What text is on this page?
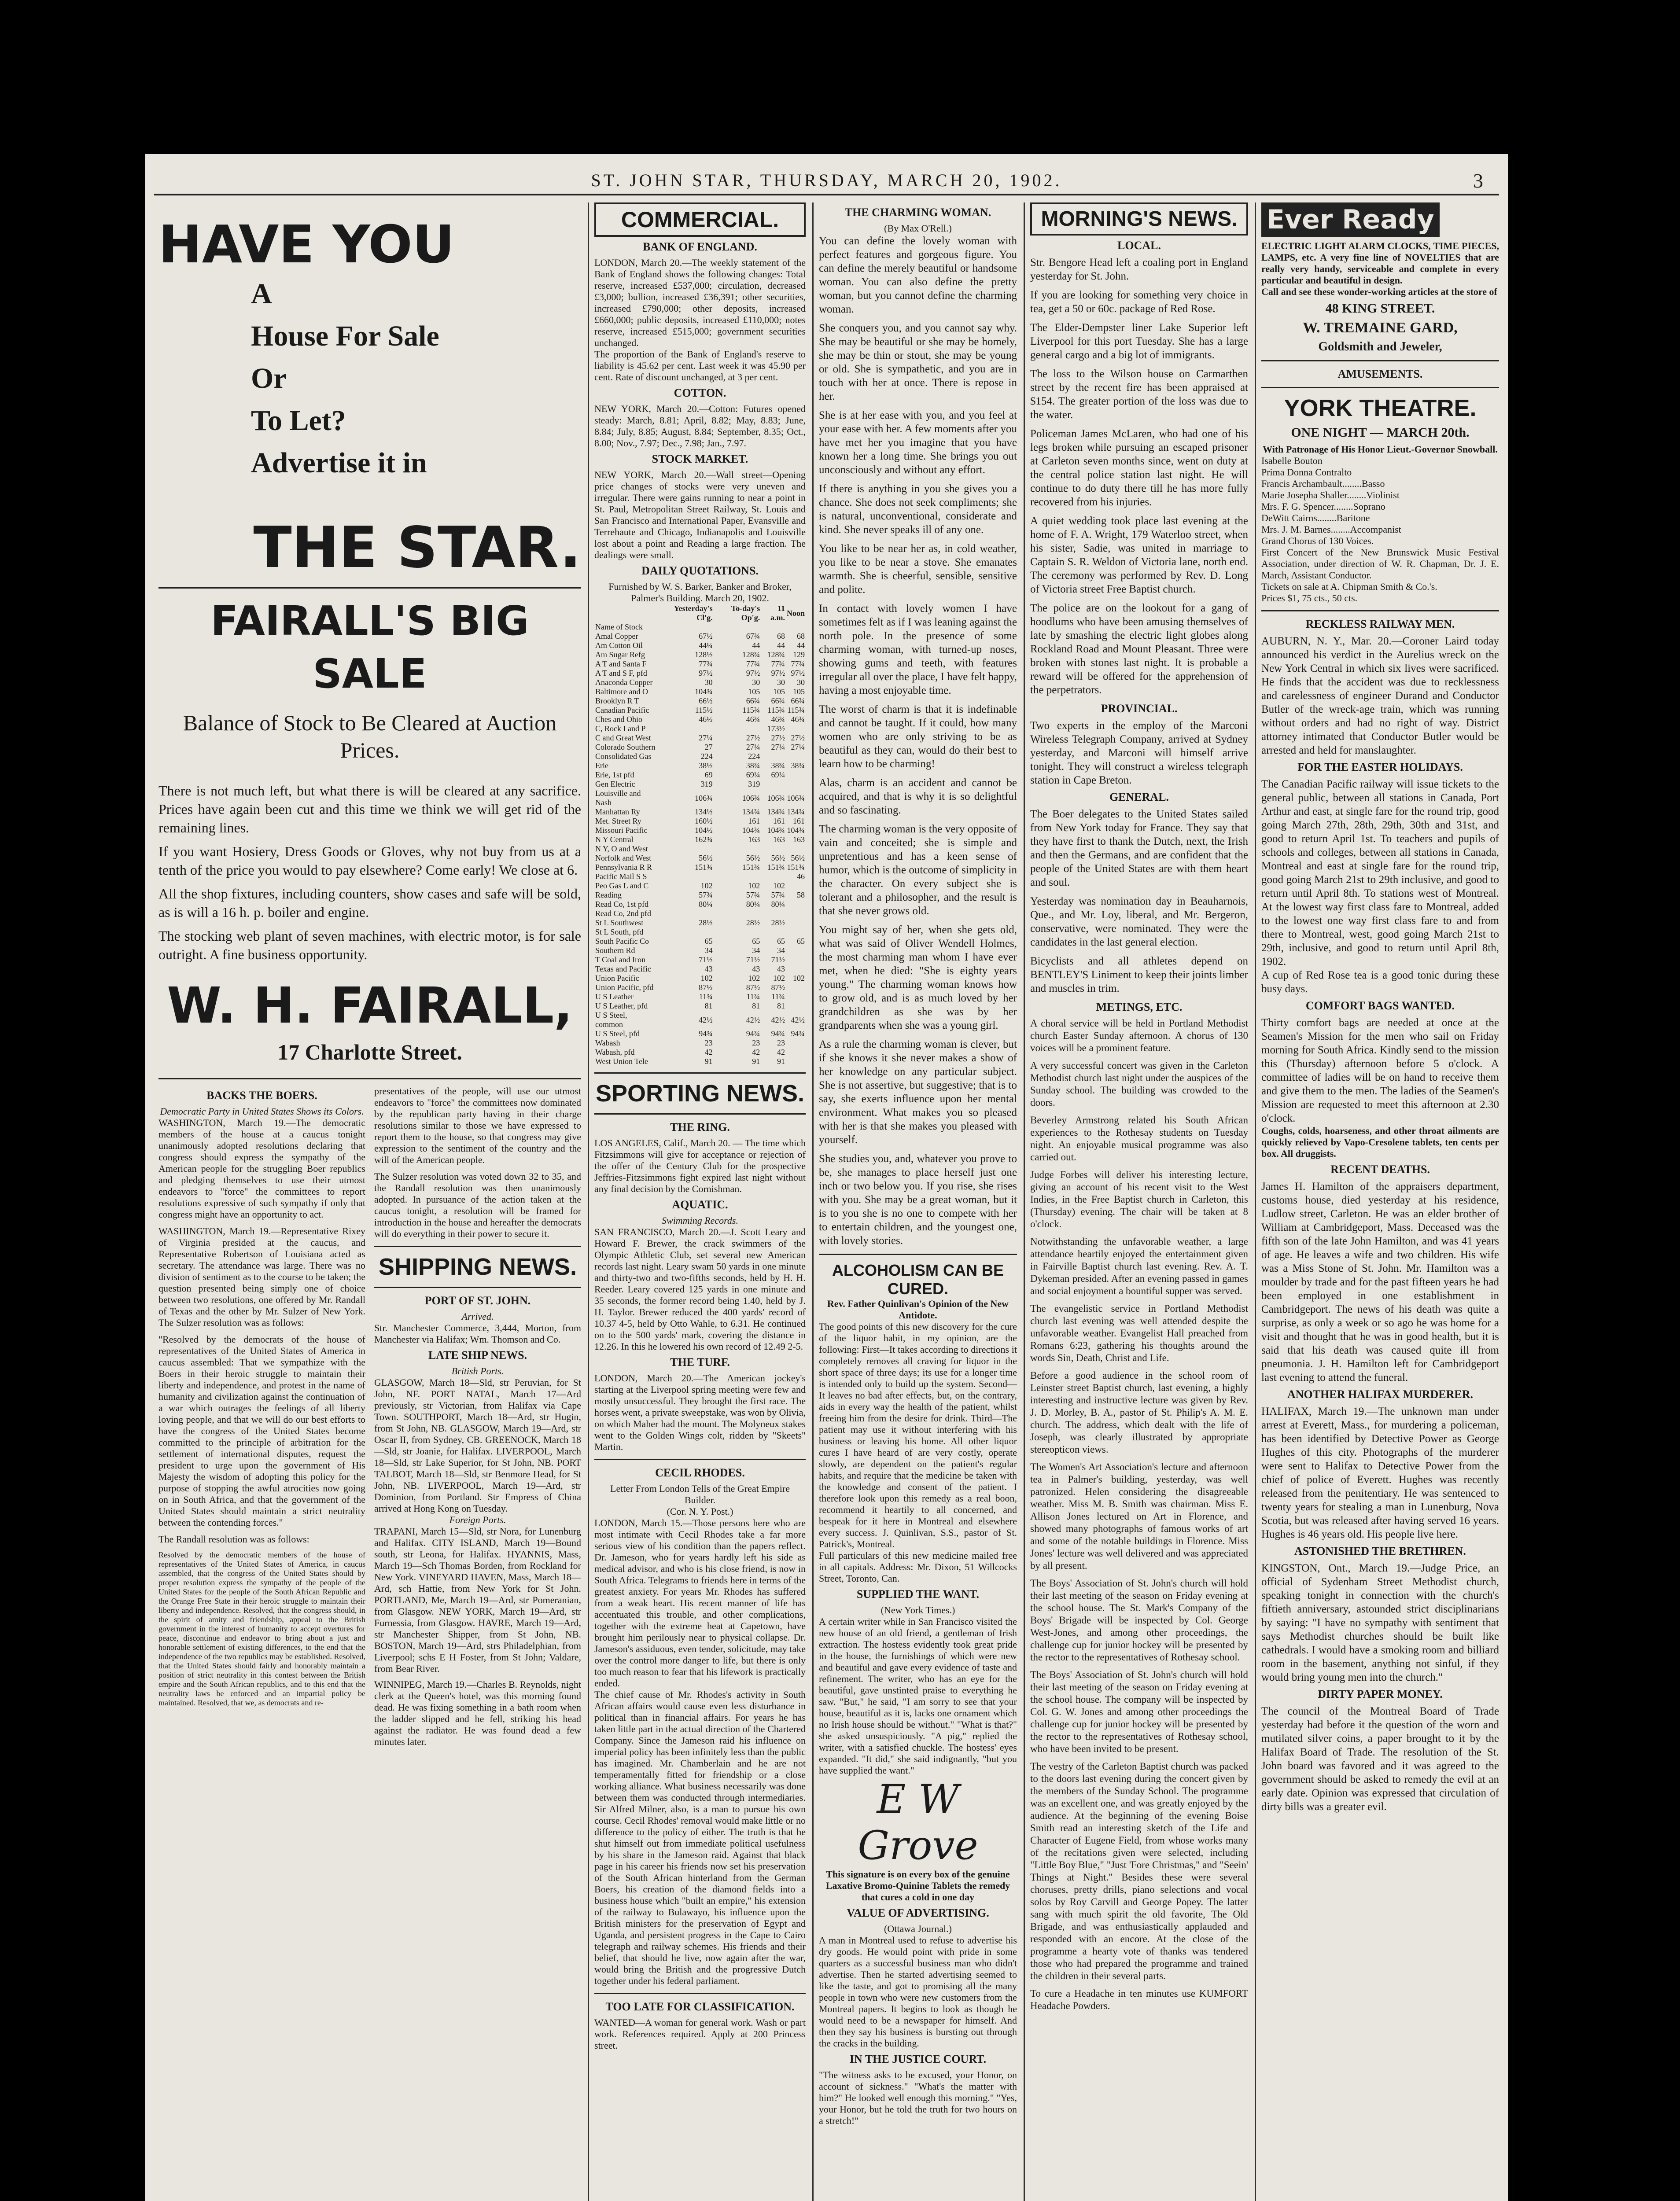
ST. JOHN STAR, THURSDAY, MARCH 20, 1902.	3
HAVE YOU
A
House For Sale
Or
To Let?
Advertise it in
THE STAR.
FAIRALL'S BIG SALE
Balance of Stock to Be Cleared at Auction Prices.

There is not much left, but what there is will be cleared at any sacrifice. Prices have again been cut and this time we think we will get rid of the remaining lines.

If you want Hosiery, Dress Goods or Gloves, why not buy from us at a tenth of the price you would to pay elsewhere? Come early! We close at 6.

All the shop fixtures, including counters, show cases and safe will be sold, as is will a 16 h. p. boiler and engine.

The stocking web plant of seven machines, with electric motor, is for sale outright. A fine business opportunity.

W. H. FAIRALL,
17 Charlotte Street.
BACKS THE BOERS.
Democratic Party in United States Shows its Colors.

WASHINGTON, March 19.—The democratic members of the house at a caucus tonight unanimously adopted resolutions declaring that congress should express the sympathy of the American people for the struggling Boer republics and pledging themselves to use their utmost endeavors to "force" the committees to report resolutions expressive of such sympathy if only that congress might have an opportunity to act.

WASHINGTON, March 19.—Representative Rixey of Virginia presided at the caucus, and Representative Robertson of Louisiana acted as secretary. The attendance was large. There was no division of sentiment as to the course to be taken; the question presented being simply one of choice between two resolutions, one offered by Mr. Randall of Texas and the other by Mr. Sulzer of New York. The Sulzer resolution was as follows:

"Resolved by the democrats of the house of representatives of the United States of America in caucus assembled: That we sympathize with the Boers in their heroic struggle to maintain their liberty and independence, and protest in the name of humanity and civilization against the continuation of a war which outrages the feelings of all liberty loving people, and that we will do our best efforts to have the congress of the United States become committed to the principle of arbitration for the settlement of international disputes, request the president to urge upon the government of His Majesty the wisdom of adopting this policy for the purpose of stopping the awful atrocities now going on in South Africa, and that the government of the United States should maintain a strict neutrality between the contending forces."

The Randall resolution was as follows:

Resolved by the democratic members of the house of representatives of the United States of America, in caucus assembled, that the congress of the United States should by proper resolution express the sympathy of the people of the United States for the people of the South African Republic and the Orange Free State in their heroic struggle to maintain their liberty and independence. Resolved, that the congress should, in the spirit of amity and friendship, appeal to the British government in the interest of humanity to accept overtures for peace, discontinue and endeavor to bring about a just and honorable settlement of existing differences, to the end that the independence of the two republics may be established. Resolved, that the United States should fairly and honorably maintain a position of strict neutrality in this contest between the British empire and the South African republics, and to this end that the neutrality laws be enforced and an impartial policy be maintained. Resolved, that we, as democrats and re-

presentatives of the people, will use our utmost endeavors to "force" the committees now dominated by the republican party having in their charge resolutions similar to those we have expressed to report them to the house, so that congress may give expression to the sentiment of the country and the will of the American people.

The Sulzer resolution was voted down 32 to 35, and the Randall resolution was then unanimously adopted. In pursuance of the action taken at the caucus tonight, a resolution will be framed for introduction in the house and hereafter the democrats will do everything in their power to secure it.

SHIPPING NEWS.
PORT OF ST. JOHN.
Arrived.
Str. Manchester Commerce, 3,444, Morton, from Manchester via Halifax; Wm. Thomson and Co.
LATE SHIP NEWS.
British Ports.
GLASGOW, March 18—Sld, str Peruvian, for St John, NF. PORT NATAL, March 17—Ard previously, str Victorian, from Halifax via Cape Town. SOUTHPORT, March 18—Ard, str Hugin, from St John, NB. GLASGOW, March 19—Ard, str Oscar II, from Sydney, CB. GREENOCK, March 18—Sld, str Joanie, for Halifax. LIVERPOOL, March 18—Sld, str Lake Superior, for St John, NB. PORT TALBOT, March 18—Sld, str Benmore Head, for St John, NB. LIVERPOOL, March 19—Ard, str Dominion, from Portland. Str Empress of China arrived at Hong Kong on Tuesday.
Foreign Ports.
TRAPANI, March 15—Sld, str Nora, for Lunenburg and Halifax. CITY ISLAND, March 19—Bound south, str Leona, for Halifax. HYANNIS, Mass, March 19—Sch Thomas Borden, from Rockland for New York. VINEYARD HAVEN, Mass, March 18—Ard, sch Hattie, from New York for St John. PORTLAND, Me, March 19—Ard, str Pomeranian, from Glasgow. NEW YORK, March 19—Ard, str Furnessia, from Glasgow. HAVRE, March 19—Ard, str Manchester Shipper, from St John, NB. BOSTON, March 19—Ard, strs Philadelphian, from Liverpool; schs E H Foster, from St John; Valdare, from Bear River.
WINNIPEG, March 19.—Charles B. Reynolds, night clerk at the Queen's hotel, was this morning found dead. He was fixing something in a bath room when the ladder slipped and he fell, striking his head against the radiator. He was found dead a few minutes later.
COMMERCIAL.
BANK OF ENGLAND.
LONDON, March 20.—The weekly statement of the Bank of England shows the following changes: Total reserve, increased £537,000; circulation, decreased £3,000; bullion, increased £36,391; other securities, increased £790,000; other deposits, increased £660,000; public deposits, increased £110,000; notes reserve, increased £515,000; government securities unchanged.
The proportion of the Bank of England's reserve to liability is 45.62 per cent. Last week it was 45.90 per cent. Rate of discount unchanged, at 3 per cent.
COTTON.
NEW YORK, March 20.—Cotton: Futures opened steady: March, 8.81; April, 8.82; May, 8.83; June, 8.84; July, 8.85; August, 8.84; September, 8.35; Oct., 8.00; Nov., 7.97; Dec., 7.98; Jan., 7.97.
STOCK MARKET.
NEW YORK, March 20.—Wall street—Opening price changes of stocks were very uneven and irregular. There were gains running to near a point in St. Paul, Metropolitan Street Railway, St. Louis and San Francisco and International Paper, Evansville and Terrehaute and Chicago, Indianapolis and Louisville lost about a point and Reading a large fraction. The dealings were small.
DAILY QUOTATIONS.
Furnished by W. S. Barker, Banker and Broker, Palmer's Building. March 20, 1902.
	Yesterday's Cl'g.	To-day's Op'g.	11 a.m.	Noon
Name of Stock				
Amal Copper	67½	67¾	68	68
Am Cotton Oil	44¼	44	44	44
Am Sugar Refg	128½	128¾	128¾	129
A T and Santa F	77¾	77¾	77¾	77¾
A T and S F, pfd	97½	97½	97½	97½
Anaconda Copper	30	30	30	30
Baltimore and O	104¾	105	105	105
Brooklyn R T	66½	66¾	66¾	66¾
Canadian Pacific	115½	115¾	115¾	115¾
Ches and Ohio	46½	46¾	46¾	46¾
C, Rock I and P			173½	
C and Great West	27¼	27½	27½	27½
Colorado Southern	27	27¼	27¼	27¼
Consolidated Gas	224	224		
Erie	38½	38¾	38¾	38¾
Erie, 1st pfd	69	69¼	69¼	
Gen Electric	319	319		
Louisville and Nash	106¾	106¾	106¾	106¾
Manhattan Ry	134½	134¾	134¾	134¾
Met. Street Ry	160½	161	161	161
Missouri Pacific	104½	104¾	104¾	104¾
N Y Central	162¾	163	163	163
N Y, O and West				
Norfolk and West	56½	56½	56½	56½
Pennsylvania R R	151¾	151¾	151¾	151¾
Pacific Mail S S				46
Peo Gas L and C	102	102	102	
Reading	57¾	57¾	57¾	58
Read Co, 1st pfd	80¼	80¼	80¼	
Read Co, 2nd pfd				
St L Southwest	28½	28½	28½	
St L South, pfd				
South Pacific Co	65	65	65	65
Southern Rd	34	34	34	
T Coal and Iron	71½	71½	71½	
Texas and Pacific	43	43	43	
Union Pacific	102	102	102	102
Union Pacific, pfd	87½	87½	87½	
U S Leather	11¾	11¾	11¾	
U S Leather, pfd	81	81	81	
U S Steel, common	42½	42½	42½	42½
U S Steel, pfd	94¾	94¾	94¾	94¾
Wabash	23	23	23	
Wabash, pfd	42	42	42	
West Union Tele	91	91	91	
SPORTING NEWS.
THE RING.
LOS ANGELES, Calif., March 20. — The time which Fitzsimmons will give for acceptance or rejection of the offer of the Century Club for the prospective Jeffries-Fitzsimmons fight expired last night without any final decision by the Cornishman.
AQUATIC.
Swimming Records.
SAN FRANCISCO, March 20.—J. Scott Leary and Howard F. Brewer, the crack swimmers of the Olympic Athletic Club, set several new American records last night. Leary swam 50 yards in one minute and thirty-two and two-fifths seconds, held by H. H. Reeder. Leary covered 125 yards in one minute and 35 seconds, the former record being 1.40, held by J. H. Taylor. Brewer reduced the 400 yards' record of 10.37 4-5, held by Otto Wahle, to 6.31. He continued on to the 500 yards' mark, covering the distance in 12.26. In this he lowered his own record of 12.49 2-5.
THE TURF.
LONDON, March 20.—The American jockey's starting at the Liverpool spring meeting were few and mostly unsuccessful. They brought the first race. The horses went, a private sweepstake, was won by Olivia, on which Maher had the mount. The Molyneux stakes went to the Golden Wings colt, ridden by "Skeets" Martin.
CECIL RHODES.
Letter From London Tells of the Great Empire Builder.
(Cor. N. Y. Post.)
LONDON, March 15.—Those persons here who are most intimate with Cecil Rhodes take a far more serious view of his condition than the papers reflect. Dr. Jameson, who for years hardly left his side as medical advisor, and who is his close friend, is now in South Africa. Telegrams to friends here in terms of the greatest anxiety. For years Mr. Rhodes has suffered from a weak heart. His recent manner of life has accentuated this trouble, and other complications, together with the extreme heat at Capetown, have brought him perilously near to physical collapse. Dr. Jameson's assiduous, even tender, solicitude, may take over the control more danger to life, but there is only too much reason to fear that his lifework is practically ended.
The chief cause of Mr. Rhodes's activity in South African affairs would cause even less disturbance in political than in financial affairs. For years he has taken little part in the actual direction of the Chartered Company. Since the Jameson raid his influence on imperial policy has been infinitely less than the public has imagined. Mr. Chamberlain and he are not temperamentally fitted for friendship or a close working alliance. What business necessarily was done between them was conducted through intermediaries. Sir Alfred Milner, also, is a man to pursue his own course. Cecil Rhodes' removal would make little or no difference to the policy of either. The truth is that he shut himself out from immediate political usefulness by his share in the Jameson raid. Against that black page in his career his friends now set his preservation of the South African hinterland from the German Boers, his creation of the diamond fields into a business house which "built an empire," his extension of the railway to Bulawayo, his influence upon the British ministers for the preservation of Egypt and Uganda, and persistent progress in the Cape to Cairo telegraph and railway schemes. His friends and their belief, that should he live, now again after the war, would bring the British and the progressive Dutch together under his federal parliament.
TOO LATE FOR CLASSIFICATION.
WANTED—A woman for general work. Wash or part work. References required. Apply at 200 Princess street.
THE CHARMING WOMAN.
(By Max O'Rell.)

You can define the lovely woman with perfect features and gorgeous figure. You can define the merely beautiful or handsome woman. You can also define the pretty woman, but you cannot define the charming woman.

She conquers you, and you cannot say why. She may be beautiful or she may be homely, she may be thin or stout, she may be young or old. She is sympathetic, and you are in touch with her at once. There is repose in her.

She is at her ease with you, and you feel at your ease with her. A few moments after you have met her you imagine that you have known her a long time. She brings you out unconsciously and without any effort.

If there is anything in you she gives you a chance. She does not seek compliments; she is natural, unconventional, considerate and kind. She never speaks ill of any one.

You like to be near her as, in cold weather, you like to be near a stove. She emanates warmth. She is cheerful, sensible, sensitive and polite.

In contact with lovely women I have sometimes felt as if I was leaning against the north pole. In the presence of some charming woman, with turned-up noses, showing gums and teeth, with features irregular all over the place, I have felt happy, having a most enjoyable time.

The worst of charm is that it is indefinable and cannot be taught. If it could, how many women who are only striving to be as beautiful as they can, would do their best to learn how to be charming!

Alas, charm is an accident and cannot be acquired, and that is why it is so delightful and so fascinating.

The charming woman is the very opposite of vain and conceited; she is simple and unpretentious and has a keen sense of humor, which is the outcome of simplicity in the character. On every subject she is tolerant and a philosopher, and the result is that she never grows old.

You might say of her, when she gets old, what was said of Oliver Wendell Holmes, the most charming man whom I have ever met, when he died: "She is eighty years young." The charming woman knows how to grow old, and is as much loved by her grandchildren as she was by her grandparents when she was a young girl.

As a rule the charming woman is clever, but if she knows it she never makes a show of her knowledge on any particular subject. She is not assertive, but suggestive; that is to say, she exerts influence upon her mental environment. What makes you so pleased with her is that she makes you pleased with yourself.

She studies you, and, whatever you prove to be, she manages to place herself just one inch or two below you. If you rise, she rises with you. She may be a great woman, but it is to you she is no one to compete with her to entertain children, and the youngest one, with lovely stories.

ALCOHOLISM CAN BE CURED.
Rev. Father Quinlivan's Opinion of the New Antidote.
The good points of this new discovery for the cure of the liquor habit, in my opinion, are the following: First—It takes according to directions it completely removes all craving for liquor in the short space of three days; its use for a longer time is intended only to build up the system. Second—It leaves no bad after effects, but, on the contrary, aids in every way the health of the patient, whilst freeing him from the desire for drink. Third—The patient may use it without interfering with his business or leaving his home. All other liquor cures I have heard of are very costly, operate slowly, are dependent on the patient's regular habits, and require that the medicine be taken with the knowledge and consent of the patient. I therefore look upon this remedy as a real boon, recommend it heartily to all concerned, and bespeak for it here in Montreal and elsewhere every success. J. Quinlivan, S.S., pastor of St. Patrick's, Montreal.
Full particulars of this new medicine mailed free in all capitals. Address: Mr. Dixon, 51 Willcocks Street, Toronto, Can.
SUPPLIED THE WANT.
(New York Times.)
A certain writer while in San Francisco visited the new house of an old friend, a gentleman of Irish extraction. The hostess evidently took great pride in the house, the furnishings of which were new and beautiful and gave every evidence of taste and refinement. The writer, who has an eye for the beautiful, gave unstinted praise to everything he saw. "But," he said, "I am sorry to see that your house, beautiful as it is, lacks one ornament which no Irish house should be without." "What is that?" she asked unsuspiciously. "A pig," replied the writer, with a satisfied chuckle. The hostess' eyes expanded. "It did," she said indignantly, "but you have supplied the want."
E W Grove
This signature is on every box of the genuine Laxative Bromo-Quinine Tablets the remedy that cures a cold in one day
VALUE OF ADVERTISING.
(Ottawa Journal.)
A man in Montreal used to refuse to advertise his dry goods. He would point with pride in some quarters as a successful business man who didn't advertise. Then he started advertising seemed to like the taste, and got to promising all the many people in town who were new customers from the Montreal papers. It begins to look as though he would need to be a newspaper for himself. And then they say his business is bursting out through the cracks in the building.
IN THE JUSTICE COURT.
"The witness asks to be excused, your Honor, on account of sickness." "What's the matter with him?" He looked well enough this morning." "Yes, your Honor, but he told the truth for two hours on a stretch!"
MORNING'S NEWS.
LOCAL.

Str. Bengore Head left a coaling port in England yesterday for St. John.

If you are looking for something very choice in tea, get a 50 or 60c. package of Red Rose.

The Elder-Dempster liner Lake Superior left Liverpool for this port Tuesday. She has a large general cargo and a big lot of immigrants.

The loss to the Wilson house on Carmarthen street by the recent fire has been appraised at $154. The greater portion of the loss was due to the water.

Policeman James McLaren, who had one of his legs broken while pursuing an escaped prisoner at Carleton seven months since, went on duty at the central police station last night. He will continue to do duty there till he has more fully recovered from his injuries.

A quiet wedding took place last evening at the home of F. A. Wright, 179 Waterloo street, when his sister, Sadie, was united in marriage to Captain S. R. Weldon of Victoria lane, north end. The ceremony was performed by Rev. D. Long of Victoria street Free Baptist church.

The police are on the lookout for a gang of hoodlums who have been amusing themselves of late by smashing the electric light globes along Rockland Road and Mount Pleasant. Three were broken with stones last night. It is probable a reward will be offered for the apprehension of the perpetrators.

PROVINCIAL.
Two experts in the employ of the Marconi Wireless Telegraph Company, arrived at Sydney yesterday, and Marconi will himself arrive tonight. They will construct a wireless telegraph station in Cape Breton.
GENERAL.

The Boer delegates to the United States sailed from New York today for France. They say that they have first to thank the Dutch, next, the Irish and then the Germans, and are confident that the people of the United States are with them heart and soul.

Yesterday was nomination day in Beauharnois, Que., and Mr. Loy, liberal, and Mr. Bergeron, conservative, were nominated. They were the candidates in the last general election.

Bicyclists and all athletes depend on BENTLEY'S Liniment to keep their joints limber and muscles in trim.

METINGS, ETC.

A choral service will be held in Portland Methodist church Easter Sunday afternoon. A chorus of 130 voices will be a prominent feature.

A very successful concert was given in the Carleton Methodist church last night under the auspices of the Sunday school. The building was crowded to the doors.

Beverley Armstrong related his South African experiences to the Rothesay students on Tuesday night. An enjoyable musical programme was also carried out.

Judge Forbes will deliver his interesting lecture, giving an account of his recent visit to the West Indies, in the Free Baptist church in Carleton, this (Thursday) evening. The chair will be taken at 8 o'clock.

Notwithstanding the unfavorable weather, a large attendance heartily enjoyed the entertainment given in Fairville Baptist church last evening. Rev. A. T. Dykeman presided. After an evening passed in games and social enjoyment a bountiful supper was served.

The evangelistic service in Portland Methodist church last evening was well attended despite the unfavorable weather. Evangelist Hall preached from Romans 6:23, gathering his thoughts around the words Sin, Death, Christ and Life.

Before a good audience in the school room of Leinster street Baptist church, last evening, a highly interesting and instructive lecture was given by Rev. J. D. Morley, B. A., pastor of St. Philip's A. M. E. church. The address, which dealt with the life of Joseph, was clearly illustrated by appropriate stereopticon views.

The Women's Art Association's lecture and afternoon tea in Palmer's building, yesterday, was well patronized. Helen considering the disagreeable weather. Miss M. B. Smith was chairman. Miss E. Allison Jones lectured on Art in Florence, and showed many photographs of famous works of art and some of the notable buildings in Florence. Miss Jones' lecture was well delivered and was appreciated by all present.

The Boys' Association of St. John's church will hold their last meeting of the season on Friday evening at the school house. The St. Mark's Company of the Boys' Brigade will be inspected by Col. George West-Jones, and among other proceedings, the challenge cup for junior hockey will be presented by the rector to the representatives of Rothesay school.

The Boys' Association of St. John's church will hold their last meeting of the season on Friday evening at the school house. The company will be inspected by Col. G. W. Jones and among other proceedings the challenge cup for junior hockey will be presented by the rector to the representatives of Rothesay school, who have been invited to be present.

The vestry of the Carleton Baptist church was packed to the doors last evening during the concert given by the members of the Sunday School. The programme was an excellent one, and was greatly enjoyed by the audience. At the beginning of the evening Boise Smith read an interesting sketch of the Life and Character of Eugene Field, from whose works many of the recitations given were selected, including "Little Boy Blue," "Just 'Fore Christmas," and "Seein' Things at Night." Besides these were several choruses, pretty drills, piano selections and vocal solos by Roy Carvill and George Popey. The latter sang with much spirit the old favorite, The Old Brigade, and was enthusiastically applauded and responded with an encore. At the close of the programme a hearty vote of thanks was tendered those who had prepared the programme and trained the children in their several parts.

To cure a Headache in ten minutes use KUMFORT Headache Powders.

Ever Ready
ELECTRIC LIGHT ALARM CLOCKS, TIME PIECES, LAMPS, etc. A very fine line of NOVELTIES that are really very handy, serviceable and complete in every particular and beautiful in design.
Call and see these wonder-working articles at the store of
48 KING STREET.
W. TREMAINE GARD,
Goldsmith and Jeweler,
AMUSEMENTS.
YORK THEATRE.
ONE NIGHT — MARCH 20th.
With Patronage of His Honor Lieut.-Governor Snowball.
Isabelle Bouton
Prima Donna Contralto
Francis Archambault........Basso
Marie Josepha Shaller........Violinist
Mrs. F. G. Spencer........Soprano
DeWitt Cairns........Baritone
Mrs. J. M. Barnes........Accompanist
Grand Chorus of 130 Voices.
First Concert of the New Brunswick Music Festival Association, under direction of W. R. Chapman, Dr. J. E. March, Assistant Conductor.
Tickets on sale at A. Chipman Smith & Co.'s.
Prices $1, 75 cts., 50 cts.
RECKLESS RAILWAY MEN.
AUBURN, N. Y., Mar. 20.—Coroner Laird today announced his verdict in the Aurelius wreck on the New York Central in which six lives were sacrificed. He finds that the accident was due to recklessness and carelessness of engineer Durand and Conductor Butler of the wreck-age train, which was running without orders and had no right of way. District attorney intimated that Conductor Butler would be arrested and held for manslaughter.
FOR THE EASTER HOLIDAYS.
The Canadian Pacific railway will issue tickets to the general public, between all stations in Canada, Port Arthur and east, at single fare for the round trip, good going March 27th, 28th, 29th, 30th and 31st, and good to return April 1st. To teachers and pupils of schools and colleges, between all stations in Canada, Montreal and east at single fare for the round trip, good going March 21st to 29th inclusive, and good to return until April 8th. To stations west of Montreal. At the lowest way first class fare to Montreal, added to the lowest one way first class fare to and from there to Montreal, west, good going March 21st to 29th, inclusive, and good to return until April 8th, 1902.
A cup of Red Rose tea is a good tonic during these busy days.
COMFORT BAGS WANTED.
Thirty comfort bags are needed at once at the Seamen's Mission for the men who sail on Friday morning for South Africa. Kindly send to the mission this (Thursday) afternoon before 5 o'clock. A committee of ladies will be on hand to receive them and give them to the men. The ladies of the Seamen's Mission are requested to meet this afternoon at 2.30 o'clock.
Coughs, colds, hoarseness, and other throat ailments are quickly relieved by Vapo-Cresolene tablets, ten cents per box. All druggists.
RECENT DEATHS.
James H. Hamilton of the appraisers department, customs house, died yesterday at his residence, Ludlow street, Carleton. He was an elder brother of William at Cambridgeport, Mass. Deceased was the fifth son of the late John Hamilton, and was 41 years of age. He leaves a wife and two children. His wife was a Miss Stone of St. John. Mr. Hamilton was a moulder by trade and for the past fifteen years he had been employed in one establishment in Cambridgeport. The news of his death was quite a surprise, as only a week or so ago he was home for a visit and thought that he was in good health, but it is said that his death was caused quite ill from pneumonia. J. H. Hamilton left for Cambridgeport last evening to attend the funeral.
ANOTHER HALIFAX MURDERER.
HALIFAX, March 19.—The unknown man under arrest at Everett, Mass., for murdering a policeman, has been identified by Detective Power as George Hughes of this city. Photographs of the murderer were sent to Halifax to Detective Power from the chief of police of Everett. Hughes was recently released from the penitentiary. He was sentenced to twenty years for stealing a man in Lunenburg, Nova Scotia, but was released after having served 16 years. Hughes is 46 years old. His people live here.
ASTONISHED THE BRETHREN.
KINGSTON, Ont., March 19.—Judge Price, an official of Sydenham Street Methodist church, speaking tonight in connection with the church's fiftieth anniversary, astounded strict disciplinarians by saying: "I have no sympathy with sentiment that says Methodist churches should be built like cathedrals. I would have a smoking room and billiard room in the basement, anything not sinful, if they would bring young men into the church."
DIRTY PAPER MONEY.
The council of the Montreal Board of Trade yesterday had before it the question of the worn and mutilated silver coins, a paper brought to it by the Halifax Board of Trade. The resolution of the St. John board was favored and it was agreed to the government should be asked to remedy the evil at an early date. Opinion was expressed that circulation of dirty bills was a greater evil.
